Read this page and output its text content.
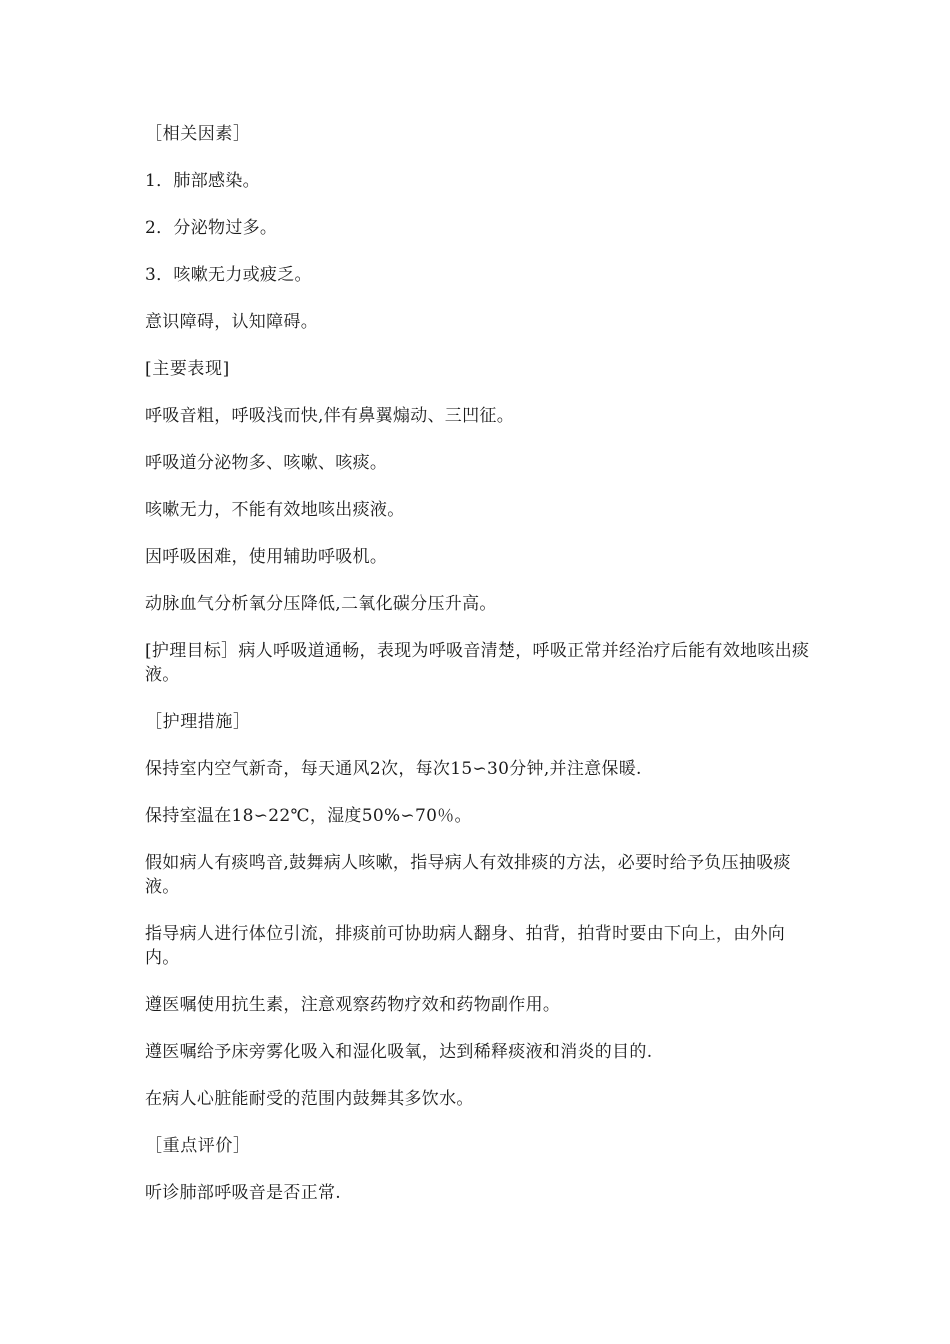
［相关因素］

1．肺部感染。

2．分泌物过多。

3．咳嗽无力或疲乏。

意识障碍，认知障碍。

[主要表现]

呼吸音粗，呼吸浅而快,伴有鼻翼煽动、三凹征。

呼吸道分泌物多、咳嗽、咳痰。

咳嗽无力，不能有效地咳出痰液。

因呼吸困难，使用辅助呼吸机。

动脉血气分析氧分压降低,二氧化碳分压升高。

[护理目标］病人呼吸道通畅，表现为呼吸音清楚，呼吸正常并经治疗后能有效地咳出痰液。

［护理措施］

保持室内空气新奇，每天通风2次，每次15∽30分钟,并注意保暖.

保持室温在18∽22℃，湿度50%∽70％。

假如病人有痰鸣音,鼓舞病人咳嗽，指导病人有效排痰的方法，必要时给予负压抽吸痰液。

指导病人进行体位引流，排痰前可协助病人翻身、拍背，拍背时要由下向上，由外向内。

遵医嘱使用抗生素，注意观察药物疗效和药物副作用。

遵医嘱给予床旁雾化吸入和湿化吸氧，达到稀释痰液和消炎的目的.

在病人心脏能耐受的范围内鼓舞其多饮水。

［重点评价］

听诊肺部呼吸音是否正常.
